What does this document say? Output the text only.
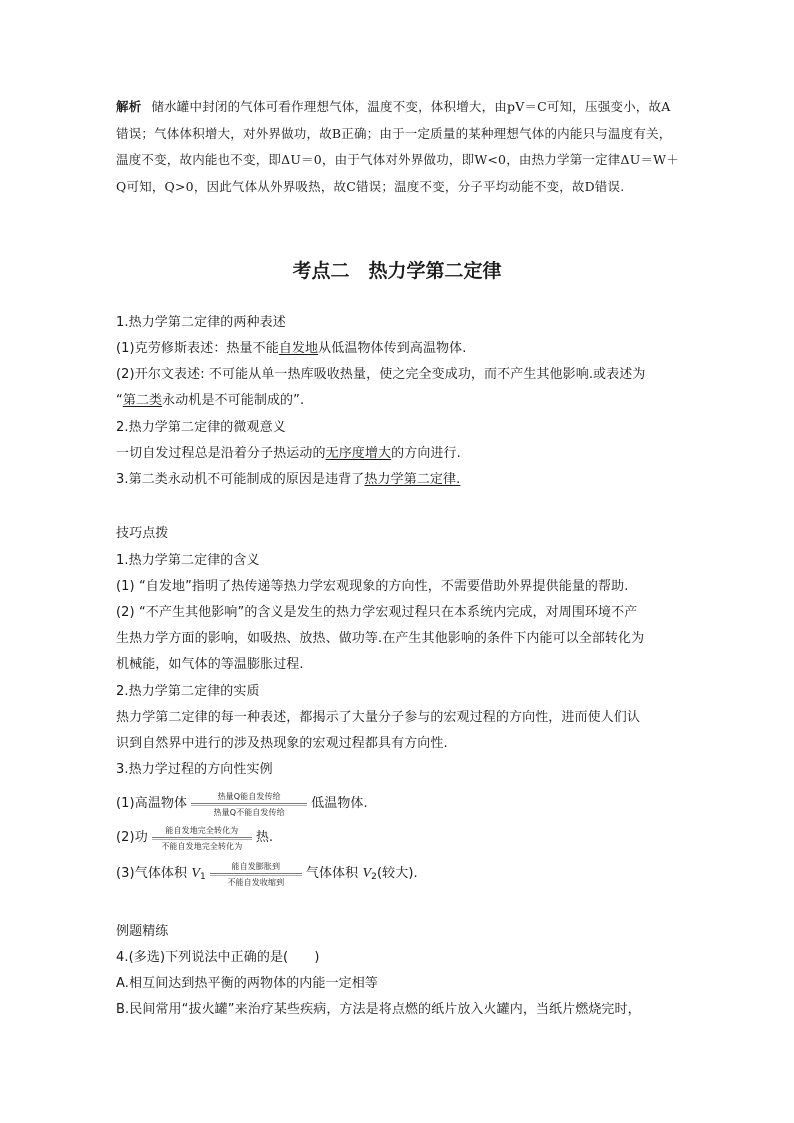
解析 储水罐中封闭的气体可看作理想气体，温度不变，体积增大，由pV＝C可知，压强变小，故A错误；气体体积增大，对外界做功，故B正确；由于一定质量的某种理想气体的内能只与温度有关，温度不变，故内能也不变，即ΔU＝0，由于气体对外界做功，即W<0，由热力学第一定律ΔU＝W＋Q可知，Q>0，因此气体从外界吸热，故C错误；温度不变，分子平均动能不变，故D错误.
考点二　热力学第二定律
1.热力学第二定律的两种表述
(1)克劳修斯表述：热量不能自发地从低温物体传到高温物体.
(2)开尔文表述: 不可能从单一热库吸收热量，使之完全变成功，而不产生其他影响.或表述为
“第二类永动机是不可能制成的”.
2.热力学第二定律的微观意义
一切自发过程总是沿着分子热运动的无序度增大的方向进行.
3.第二类永动机不可能制成的原因是违背了热力学第二定律.
技巧点拨
1.热力学第二定律的含义
(1) “自发地”指明了热传递等热力学宏观现象的方向性，不需要借助外界提供能量的帮助.
(2) “不产生其他影响”的含义是发生的热力学宏观过程只在本系统内完成，对周围环境不产
生热力学方面的影响，如吸热、放热、做功等.在产生其他影响的条件下内能可以全部转化为
机械能，如气体的等温膨胀过程.
2.热力学第二定律的实质
热力学第二定律的每一种表述，都揭示了大量分子参与的宏观过程的方向性，进而使人们认
识到自然界中进行的涉及热现象的宏观过程都具有方向性.
3.热力学过程的方向性实例
(1)高温物体	热量Q能自发传给
热量Q不能自发传给
低温物体.
(2)功	能自发地完全转化为
不能自发地完全转化为
热.
(3)气体体积 $V_1$
能自发膨胀到
不能自发收缩到
气体体积 $V_2$(较大).
例题精练
4.(多选)下列说法中正确的是(　　)
A.相互间达到热平衡的两物体的内能一定相等
B.民间常用“拔火罐”来治疗某些疾病，方法是将点燃的纸片放入火罐内，当纸片燃烧完时，
